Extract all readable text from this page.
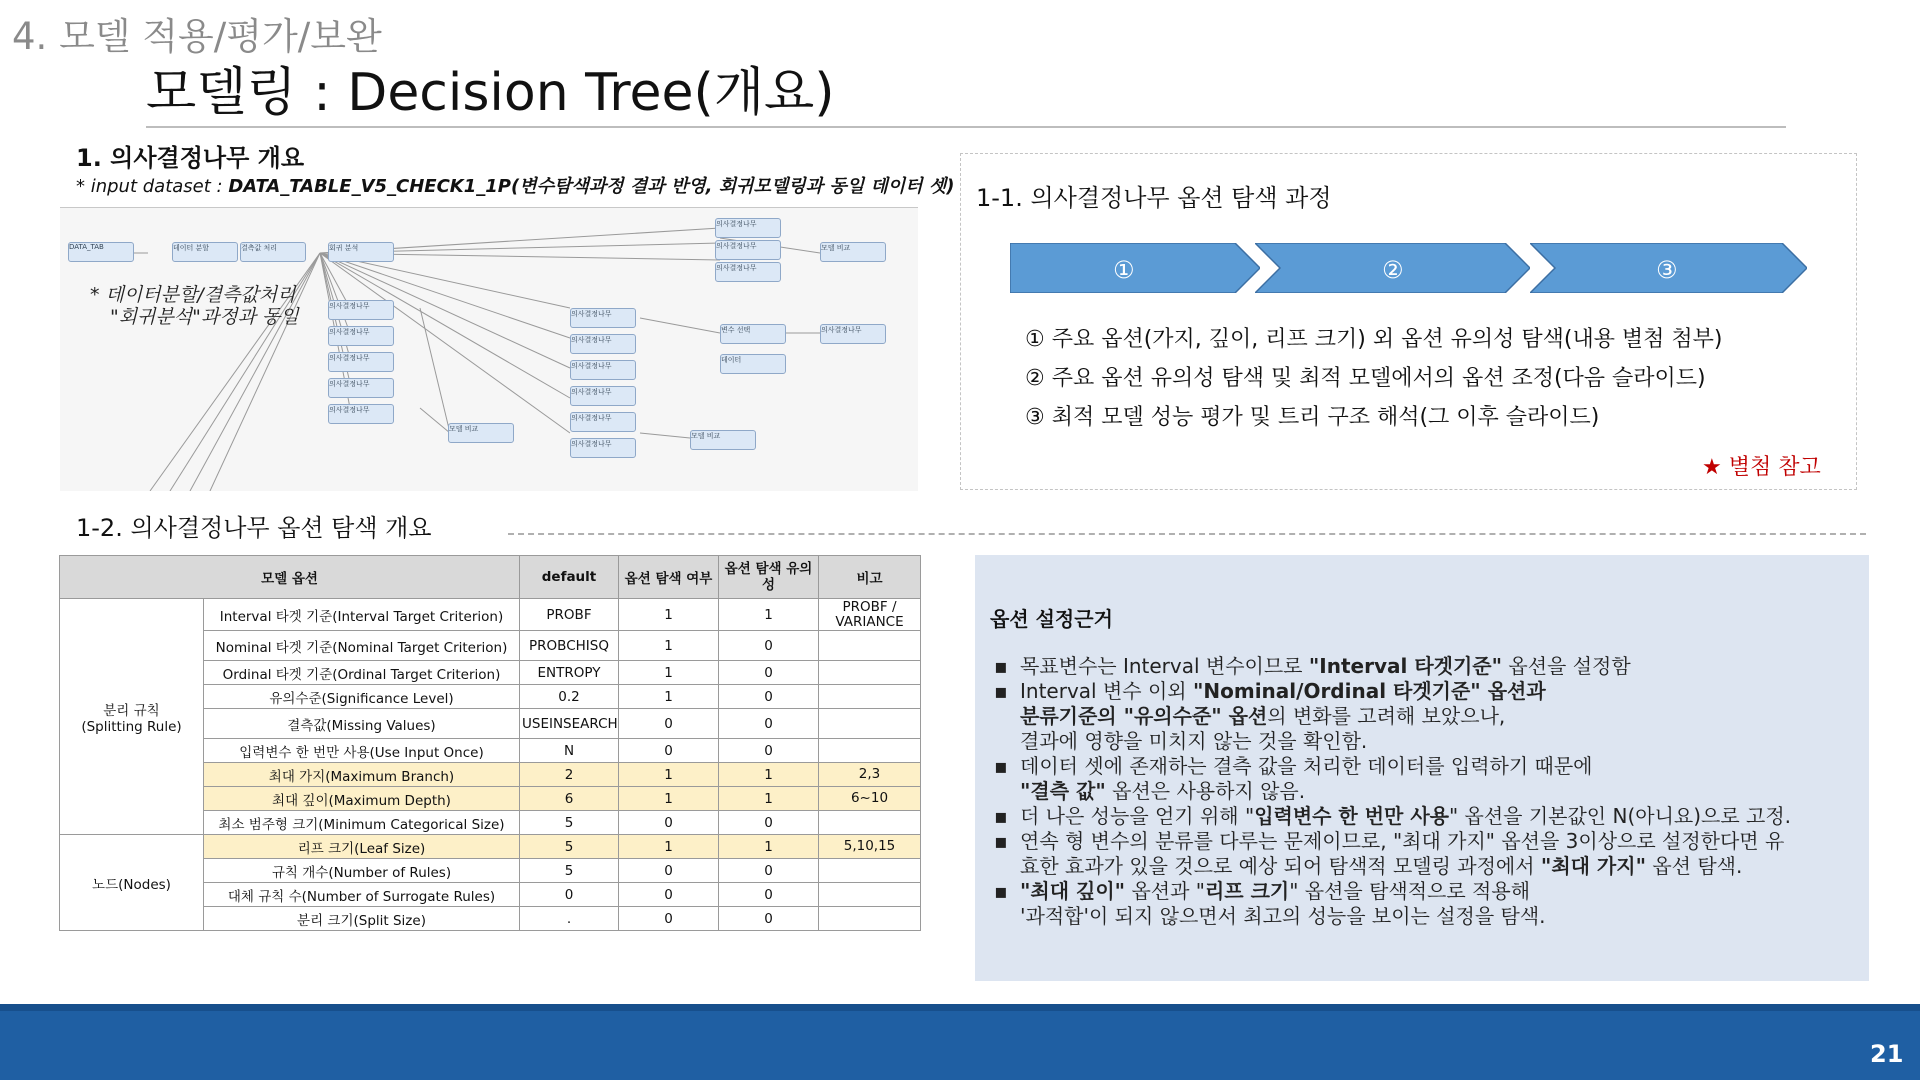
4. 모델 적용/평가/보완
모델링 : Decision Tree(개요)
1. 의사결정나무 개요
* input dataset : DATA_TABLE_V5_CHECK1_1P(변수탐색과정 결과 반영, 회귀모델링과 동일 데이터 셋)
DATA_TAB	데이터 분할	결측값 처리	회귀 분석
의사결정나무
의사결정나무
의사결정나무
모델 비교
의사결정나무
의사결정나무
의사결정나무
의사결정나무
의사결정나무
모델 비교
의사결정나무
의사결정나무
의사결정나무
의사결정나무
의사결정나무
의사결정나무
모델 비교
변수 선택
데이터
의사결정나무
* 데이터분할/결측값처리
"회귀분석"과정과 동일
1-1. 의사결정나무 옵션 탐색 과정
①	②	③
① 주요 옵션(가지, 깊이, 리프 크기) 외 옵션 유의성 탐색(내용 별첨 첨부)
② 주요 옵션 유의성 탐색 및 최적 모델에서의 옵션 조정(다음 슬라이드)
③ 최적 모델 성능 평가 및 트리 구조 해석(그 이후 슬라이드)
★ 별첨 참고
1-2. 의사결정나무 옵션 탐색 개요
모델 옵션		default	옵션 탐색 여부	옵션 탐색 유의성	비고
분리 규칙
(Splitting Rule)	Interval 타겟 기준(Interval Target Criterion)	PROBF	1	1	PROBF /
VARIANCE
	Nominal 타겟 기준(Nominal Target Criterion)	PROBCHISQ	1	0	
	Ordinal 타겟 기준(Ordinal Target Criterion)	ENTROPY	1	0	
	유의수준(Significance Level)	0.2	1	0	
	결측값(Missing Values)	USEINSEARCH	0	0	
	입력변수 한 번만 사용(Use Input Once)	N	0	0	
	최대 가지(Maximum Branch)	2	1	1	2,3
	최대 깊이(Maximum Depth)	6	1	1	6~10
	최소 범주형 크기(Minimum Categorical Size)	5	0	0	
노드(Nodes)	리프 크기(Leaf Size)	5	1	1	5,10,15
	규칙 개수(Number of Rules)	5	0	0	
	대체 규칙 수(Number of Surrogate Rules)	0	0	0	
	분리 크기(Split Size)	.	0	0	
옵션 설정근거
▪ 목표변수는 Interval 변수이므로 "Interval 타겟기준" 옵션을 설정함
▪ Interval 변수 이외 "Nominal/Ordinal 타겟기준" 옵션과
분류기준의 "유의수준" 옵션의 변화를 고려해 보았으나,
결과에 영향을 미치지 않는 것을 확인함.
▪ 데이터 셋에 존재하는 결측 값을 처리한 데이터를 입력하기 때문에
"결측 값" 옵션은 사용하지 않음.
▪ 더 나은 성능을 얻기 위해 "입력변수 한 번만 사용" 옵션을 기본값인 N(아니요)으로 고정.
▪ 연속 형 변수의 분류를 다루는 문제이므로, "최대 가지" 옵션을 3이상으로 설정한다면 유
효한 효과가 있을 것으로 예상 되어 탐색적 모델링 과정에서 "최대 가지" 옵션 탐색.
▪ "최대 깊이" 옵션과 "리프 크기" 옵션을 탐색적으로 적용해
'과적합'이 되지 않으면서 최고의 성능을 보이는 설정을 탐색.
21
